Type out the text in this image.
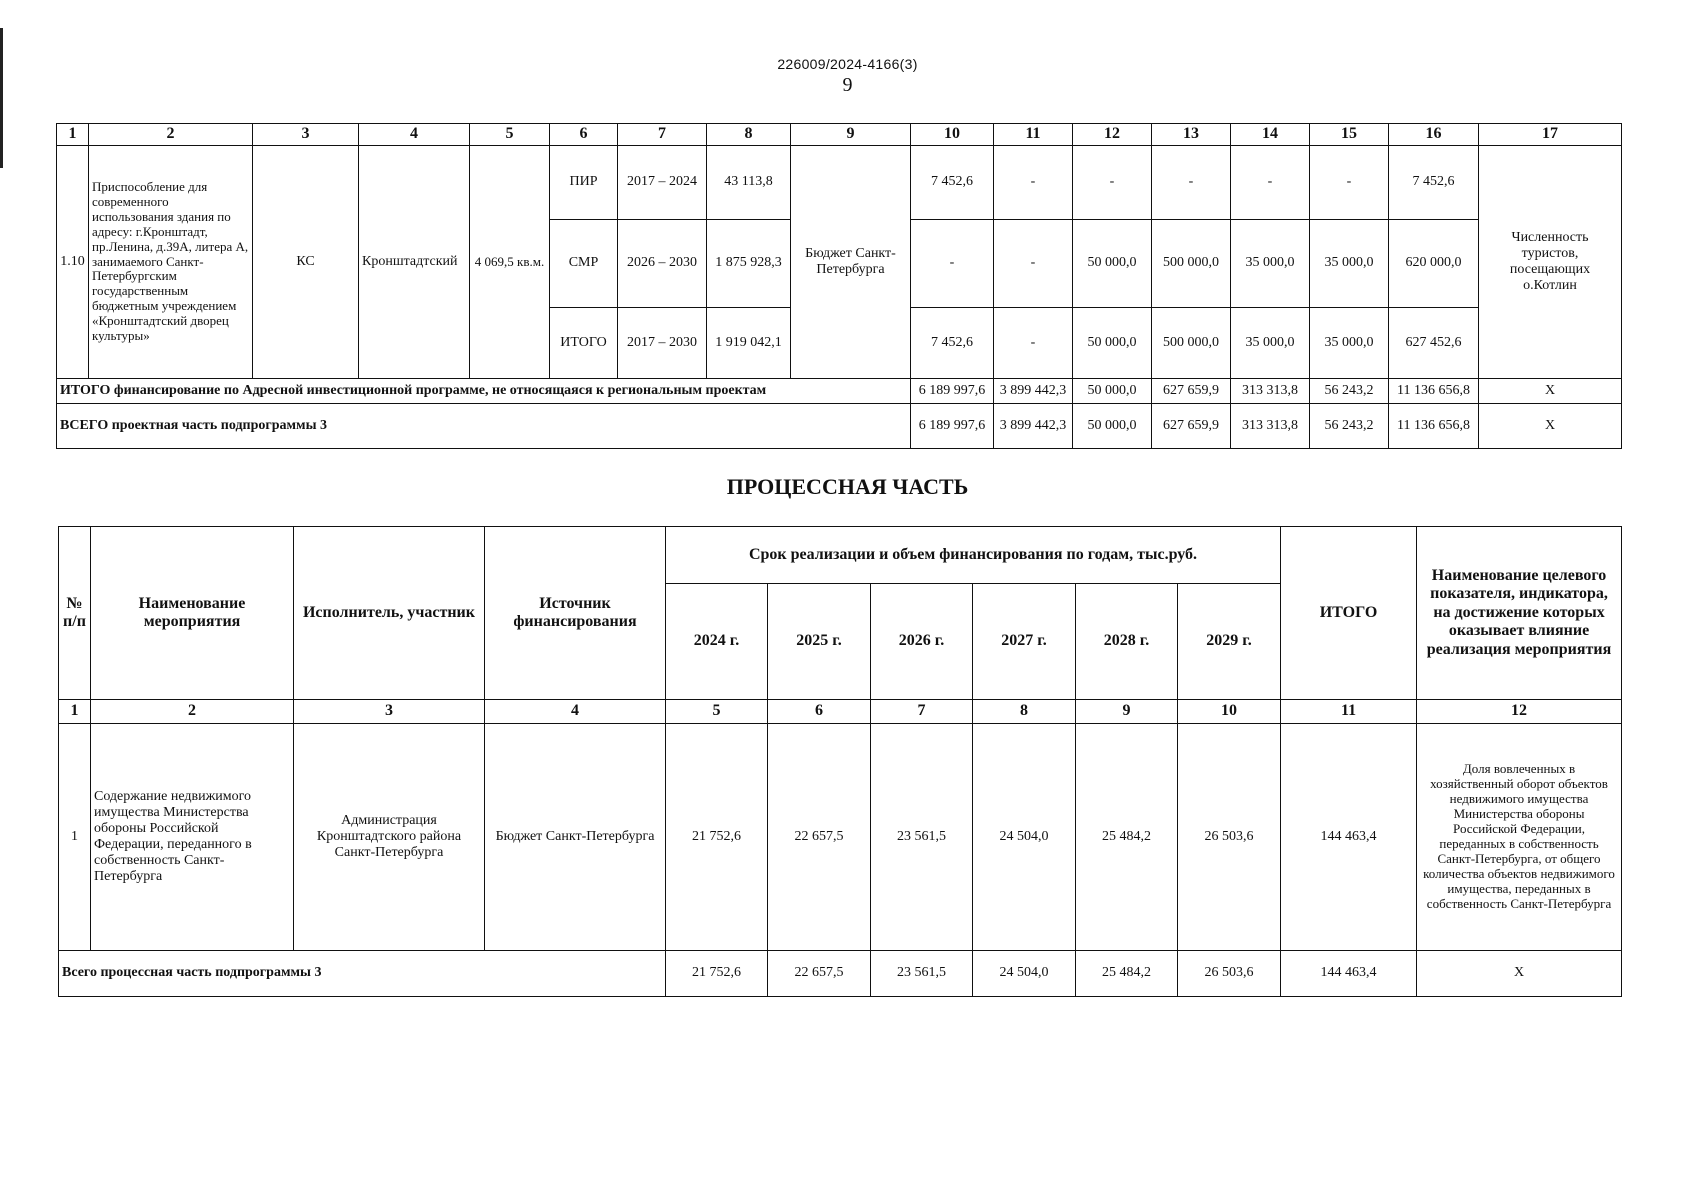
226009/2024-4166(3)
9
1	2	3	4	5	6	7	8	9	10	11	12	13	14	15	16	17
1.10	Приспособление для современного использования здания по адресу: г.Кронштадт, пр.Ленина, д.39А, литера А, занимаемого Санкт-Петербургским государственным бюджетным учреждением «Кронштадтский дворец культуры»	КС	Кронштадтский	4 069,5 кв.м.	ПИР	2017 – 2024	43 113,8	Бюджет Санкт-Петербурга	7 452,6	-	-	-	-	-	7 452,6	Численность туристов, посещающих о.Котлин
					СМР	2026 – 2030	1 875 928,3		-	-	50 000,0	500 000,0	35 000,0	35 000,0	620 000,0	
					ИТОГО	2017 – 2030	1 919 042,1		7 452,6	-	50 000,0	500 000,0	35 000,0	35 000,0	627 452,6	
ИТОГО финансирование по Адресной инвестиционной программе, не относящаяся к региональным проектам									6 189 997,6	3 899 442,3	50 000,0	627 659,9	313 313,8	56 243,2	11 136 656,8	Х
ВСЕГО проектная часть подпрограммы 3									6 189 997,6	3 899 442,3	50 000,0	627 659,9	313 313,8	56 243,2	11 136 656,8	Х
ПРОЦЕССНАЯ ЧАСТЬ
№ п/п	Наименование мероприятия	Исполнитель, участник	Источник финансирования	Срок реализации и объем финансирования по годам, тыс.руб.						ИТОГО	Наименование целевого показателя, индикатора, на достижение которых оказывает влияние реализация мероприятия
				2024 г.	2025 г.	2026 г.	2027 г.	2028 г.	2029 г.		
1	2	3	4	5	6	7	8	9	10	11	12
1	Содержание недвижимого имущества Министерства обороны Российской Федерации, переданного в собственность Санкт-Петербурга	Администрация Кронштадтского района Санкт-Петербурга	Бюджет Санкт-Петербурга	21 752,6	22 657,5	23 561,5	24 504,0	25 484,2	26 503,6	144 463,4	Доля вовлеченных в хозяйственный оборот объектов недвижимого имущества Министерства обороны Российской Федерации, переданных в собственность Санкт-Петербурга, от общего количества объектов недвижимого имущества, переданных в собственность Санкт-Петербурга
Всего процессная часть подпрограммы 3				21 752,6	22 657,5	23 561,5	24 504,0	25 484,2	26 503,6	144 463,4	Х
